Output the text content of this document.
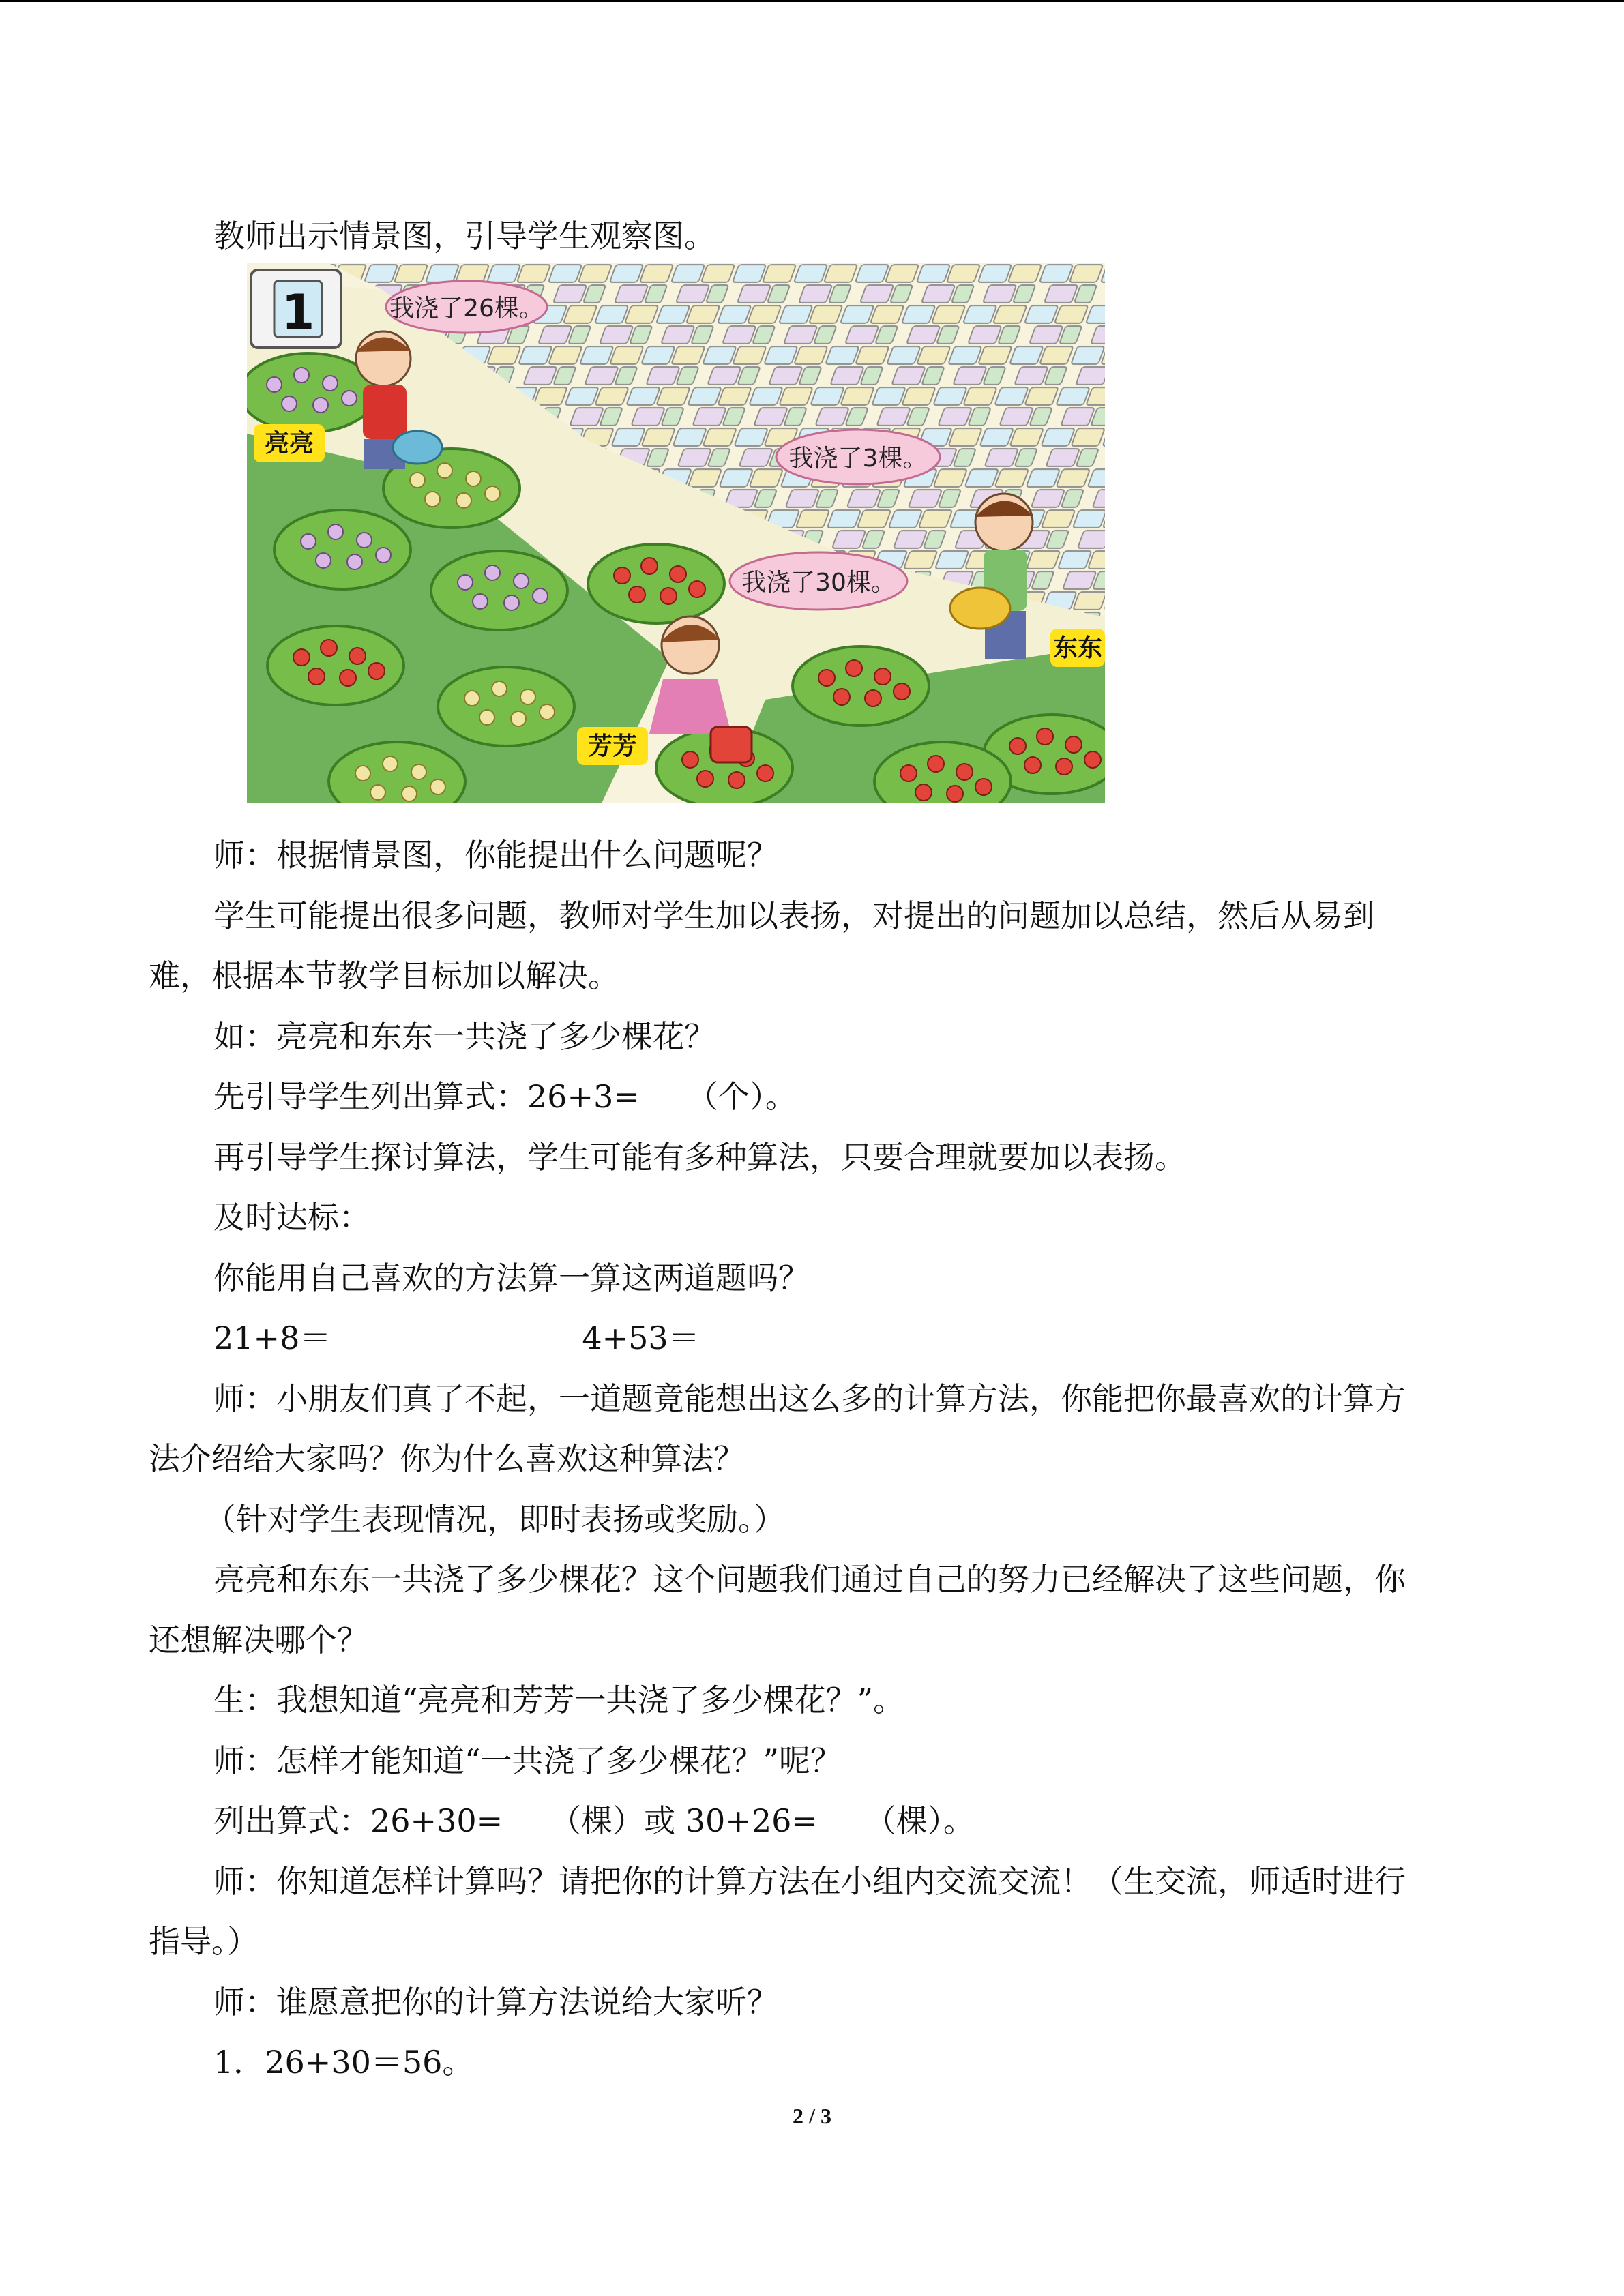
教师出示情景图，引导学生观察图。

1	我浇了26棵。
我浇了3棵。
我浇了30棵。
亮亮
东东
芳芳

师：根据情景图，你能提出什么问题呢？

学生可能提出很多问题，教师对学生加以表扬，对提出的问题加以总结，然后从易到

难，根据本节教学目标加以解决。

如：亮亮和东东一共浇了多少棵花？

先引导学生列出算式：26+3=　　（个）。

再引导学生探讨算法，学生可能有多种算法，只要合理就要加以表扬。

及时达标：

你能用自己喜欢的方法算一算这两道题吗？

21+8＝　　　　　　　　4+53＝

师：小朋友们真了不起，一道题竟能想出这么多的计算方法，你能把你最喜欢的计算方

法介绍给大家吗？你为什么喜欢这种算法？

（针对学生表现情况，即时表扬或奖励。）

亮亮和东东一共浇了多少棵花？这个问题我们通过自己的努力已经解决了这些问题，你

还想解决哪个？

生：我想知道“亮亮和芳芳一共浇了多少棵花？”。

师：怎样才能知道“一共浇了多少棵花？”呢？

列出算式：26+30=　　（棵）或 30+26=　　（棵）。

师：你知道怎样计算吗？请把你的计算方法在小组内交流交流！（生交流，师适时进行

指导。）

师：谁愿意把你的计算方法说给大家听？

1．26+30＝56。

2 / 3
